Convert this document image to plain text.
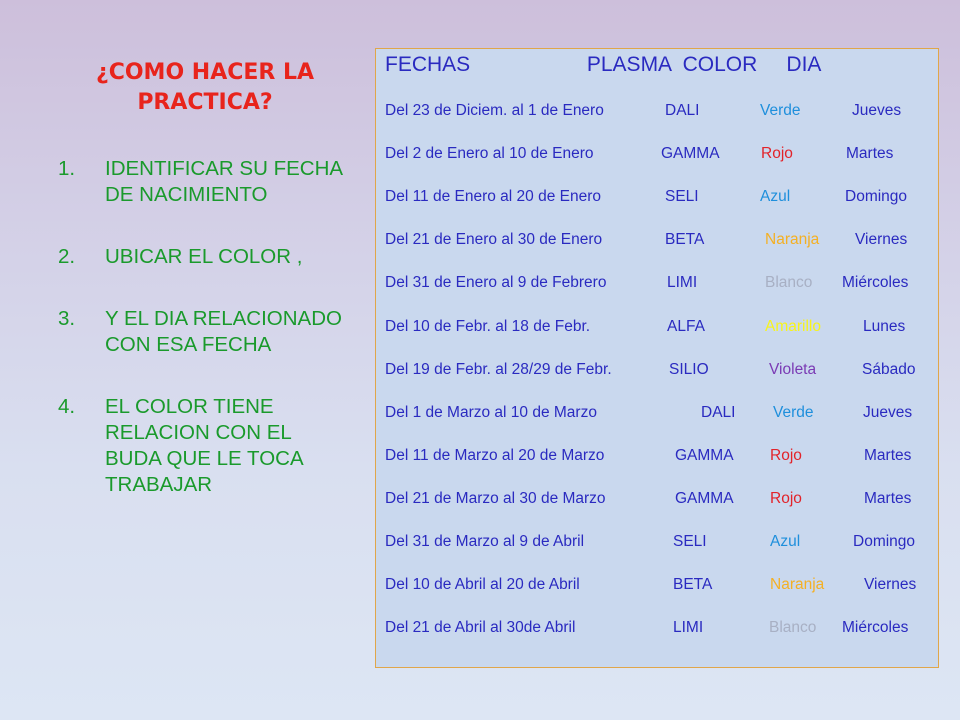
¿COMO HACER LA PRACTICA?
1. IDENTIFICAR SU FECHA DE NACIMIENTO
2. UBICAR EL COLOR ,
3. Y EL DIA RELACIONADO CON ESA FECHA
4. EL COLOR TIENE RELACION CON EL BUDA QUE LE TOCA TRABAJAR
FECHAS                    PLASMA  COLOR     DIA
Del 23 de Diciem. al 1 de Enero	DALI	Verde	Jueves
Del 2 de Enero al 10 de Enero	GAMMA	Rojo	Martes
Del 11 de Enero al 20 de Enero	SELI	Azul	Domingo
Del 21 de Enero al 30 de Enero	BETA	Naranja Viernes
Del 31 de Enero al 9 de Febrero	LIMI	Blanco Miércoles
Del 10 de Febr. al 18 de Febr.	ALFA	Amarillo	Lunes
Del 19 de Febr. al 28/29 de Febr.	SILIO	Violeta	Sábado
Del 1 de Marzo al 10 de Marzo	DALI Verde	Jueves
Del 11 de Marzo al 20 de Marzo	GAMMA Rojo	Martes
Del 21 de Marzo al 30 de Marzo	GAMMA Rojo	Martes
Del 31 de Marzo al 9 de Abril	SELI	Azul	Domingo
Del 10 de Abril al 20 de Abril	BETA	Naranja	Viernes
Del 21 de Abril al 30de Abril	LIMI	Blanco Miércoles
